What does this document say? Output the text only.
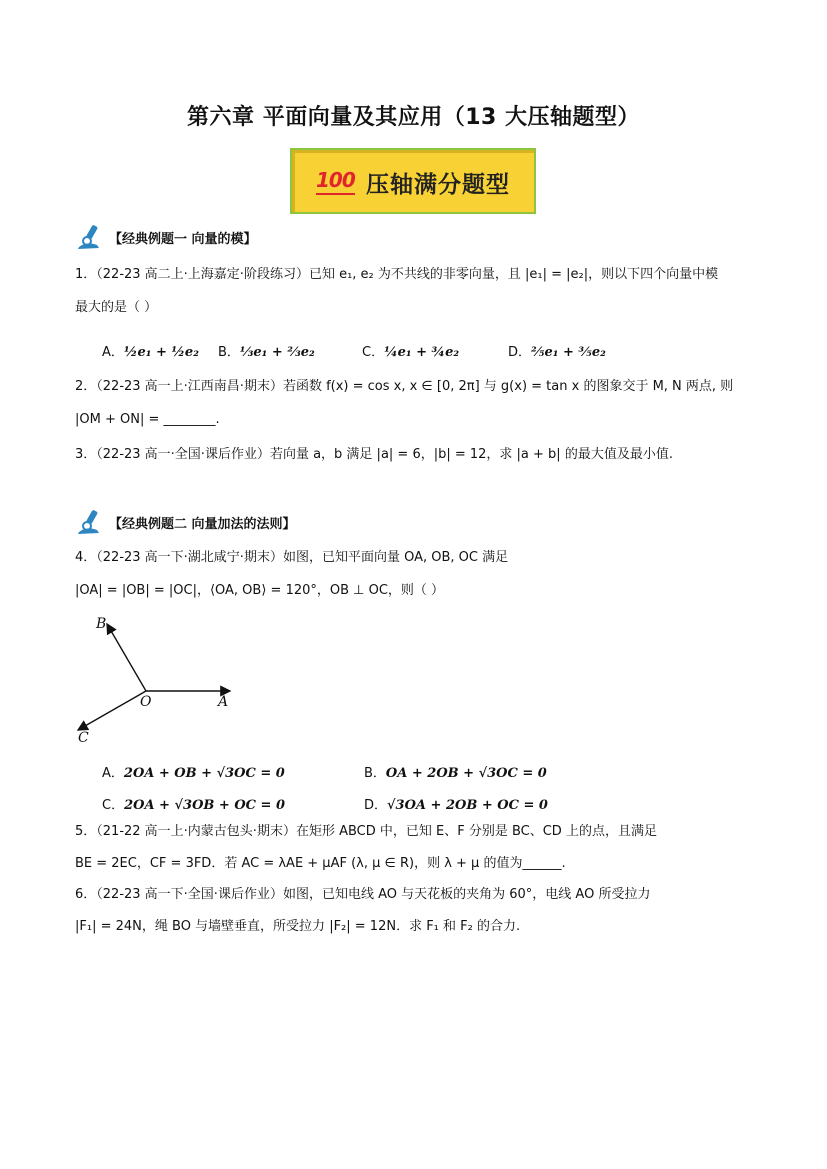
第六章 平面向量及其应用（13 大压轴题型）
100 压轴满分题型
【经典例题一 向量的模】
1．（22-23 高二上·上海嘉定·阶段练习）已知 e₁, e₂ 为不共线的非零向量，且 |e₁| = |e₂|，则以下四个向量中模
最大的是（ ）
A．½e₁ + ½e₂ B．⅓e₁ + ⅔e₂	C．¼e₁ + ¾e₂	D．⅖e₁ + ⅗e₂
2．（22-23 高一上·江西南昌·期末）若函数 f(x) = cos x, x ∈ [0, 2π] 与 g(x) = tan x 的图象交于 M, N 两点, 则
|OM + ON| = ________.
3．（22-23 高一·全国·课后作业）若向量 a，b 满足 |a| = 6，|b| = 12，求 |a + b| 的最大值及最小值.
【经典例题二 向量加法的法则】
4．（22-23 高一下·湖北咸宁·期末）如图，已知平面向量 OA, OB, OC 满足
|OA| = |OB| = |OC|，⟨OA, OB⟩ = 120°，OB ⊥ OC，则（ ）
B
O	A
C
A．2OA + OB + √3OC = 0	B．OA + 2OB + √3OC = 0
C．2OA + √3OB + OC = 0	D．√3OA + 2OB + OC = 0
5．（21-22 高一上·内蒙古包头·期末）在矩形 ABCD 中，已知 E、F 分别是 BC、CD 上的点，且满足
BE = 2EC，CF = 3FD．若 AC = λAE + μAF (λ, μ ∈ R)，则 λ + μ 的值为______.
6．（22-23 高一下·全国·课后作业）如图，已知电线 AO 与天花板的夹角为 60°，电线 AO 所受拉力
|F₁| = 24N，绳 BO 与墙壁垂直，所受拉力 |F₂| = 12N．求 F₁ 和 F₂ 的合力.
